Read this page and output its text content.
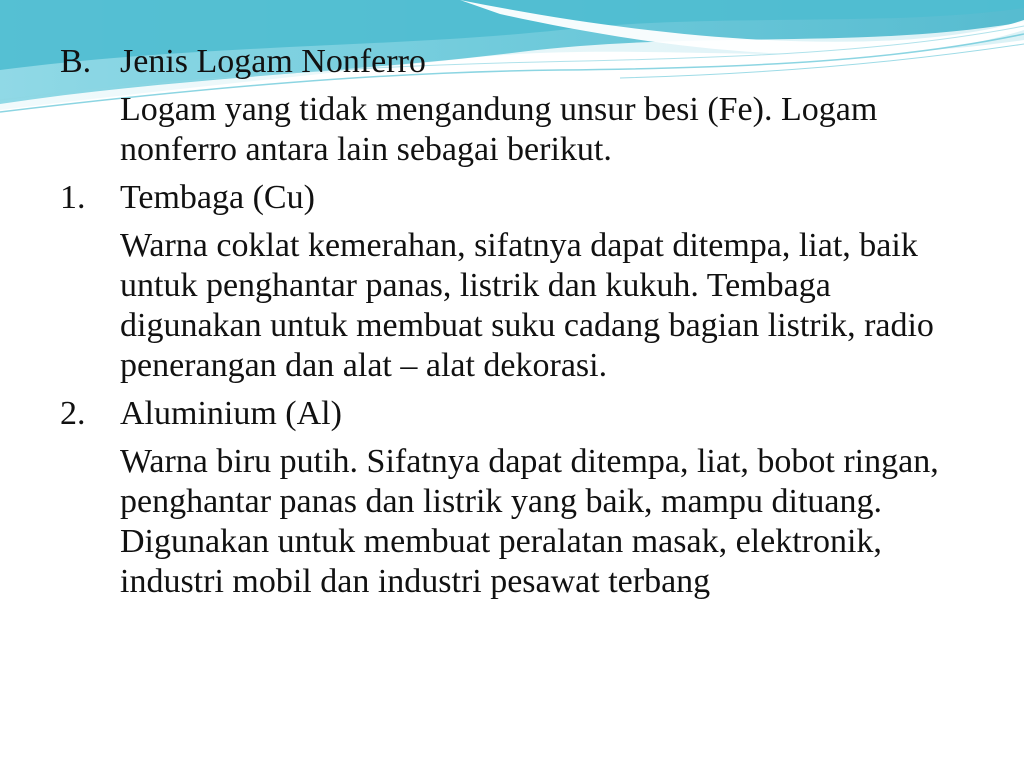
B. Jenis Logam Nonferro
Logam yang tidak mengandung unsur besi (Fe). Logam nonferro antara lain sebagai berikut.
1.	Tembaga (Cu)
Warna coklat kemerahan, sifatnya dapat ditempa, liat, baik untuk penghantar panas, listrik dan kukuh. Tembaga digunakan untuk membuat suku cadang bagian listrik, radio penerangan dan alat – alat dekorasi.
2.	Aluminium (Al)
Warna biru putih. Sifatnya dapat ditempa, liat, bobot ringan, penghantar panas dan listrik yang baik, mampu dituang. Digunakan untuk membuat peralatan masak, elektronik, industri mobil dan industri pesawat terbang
